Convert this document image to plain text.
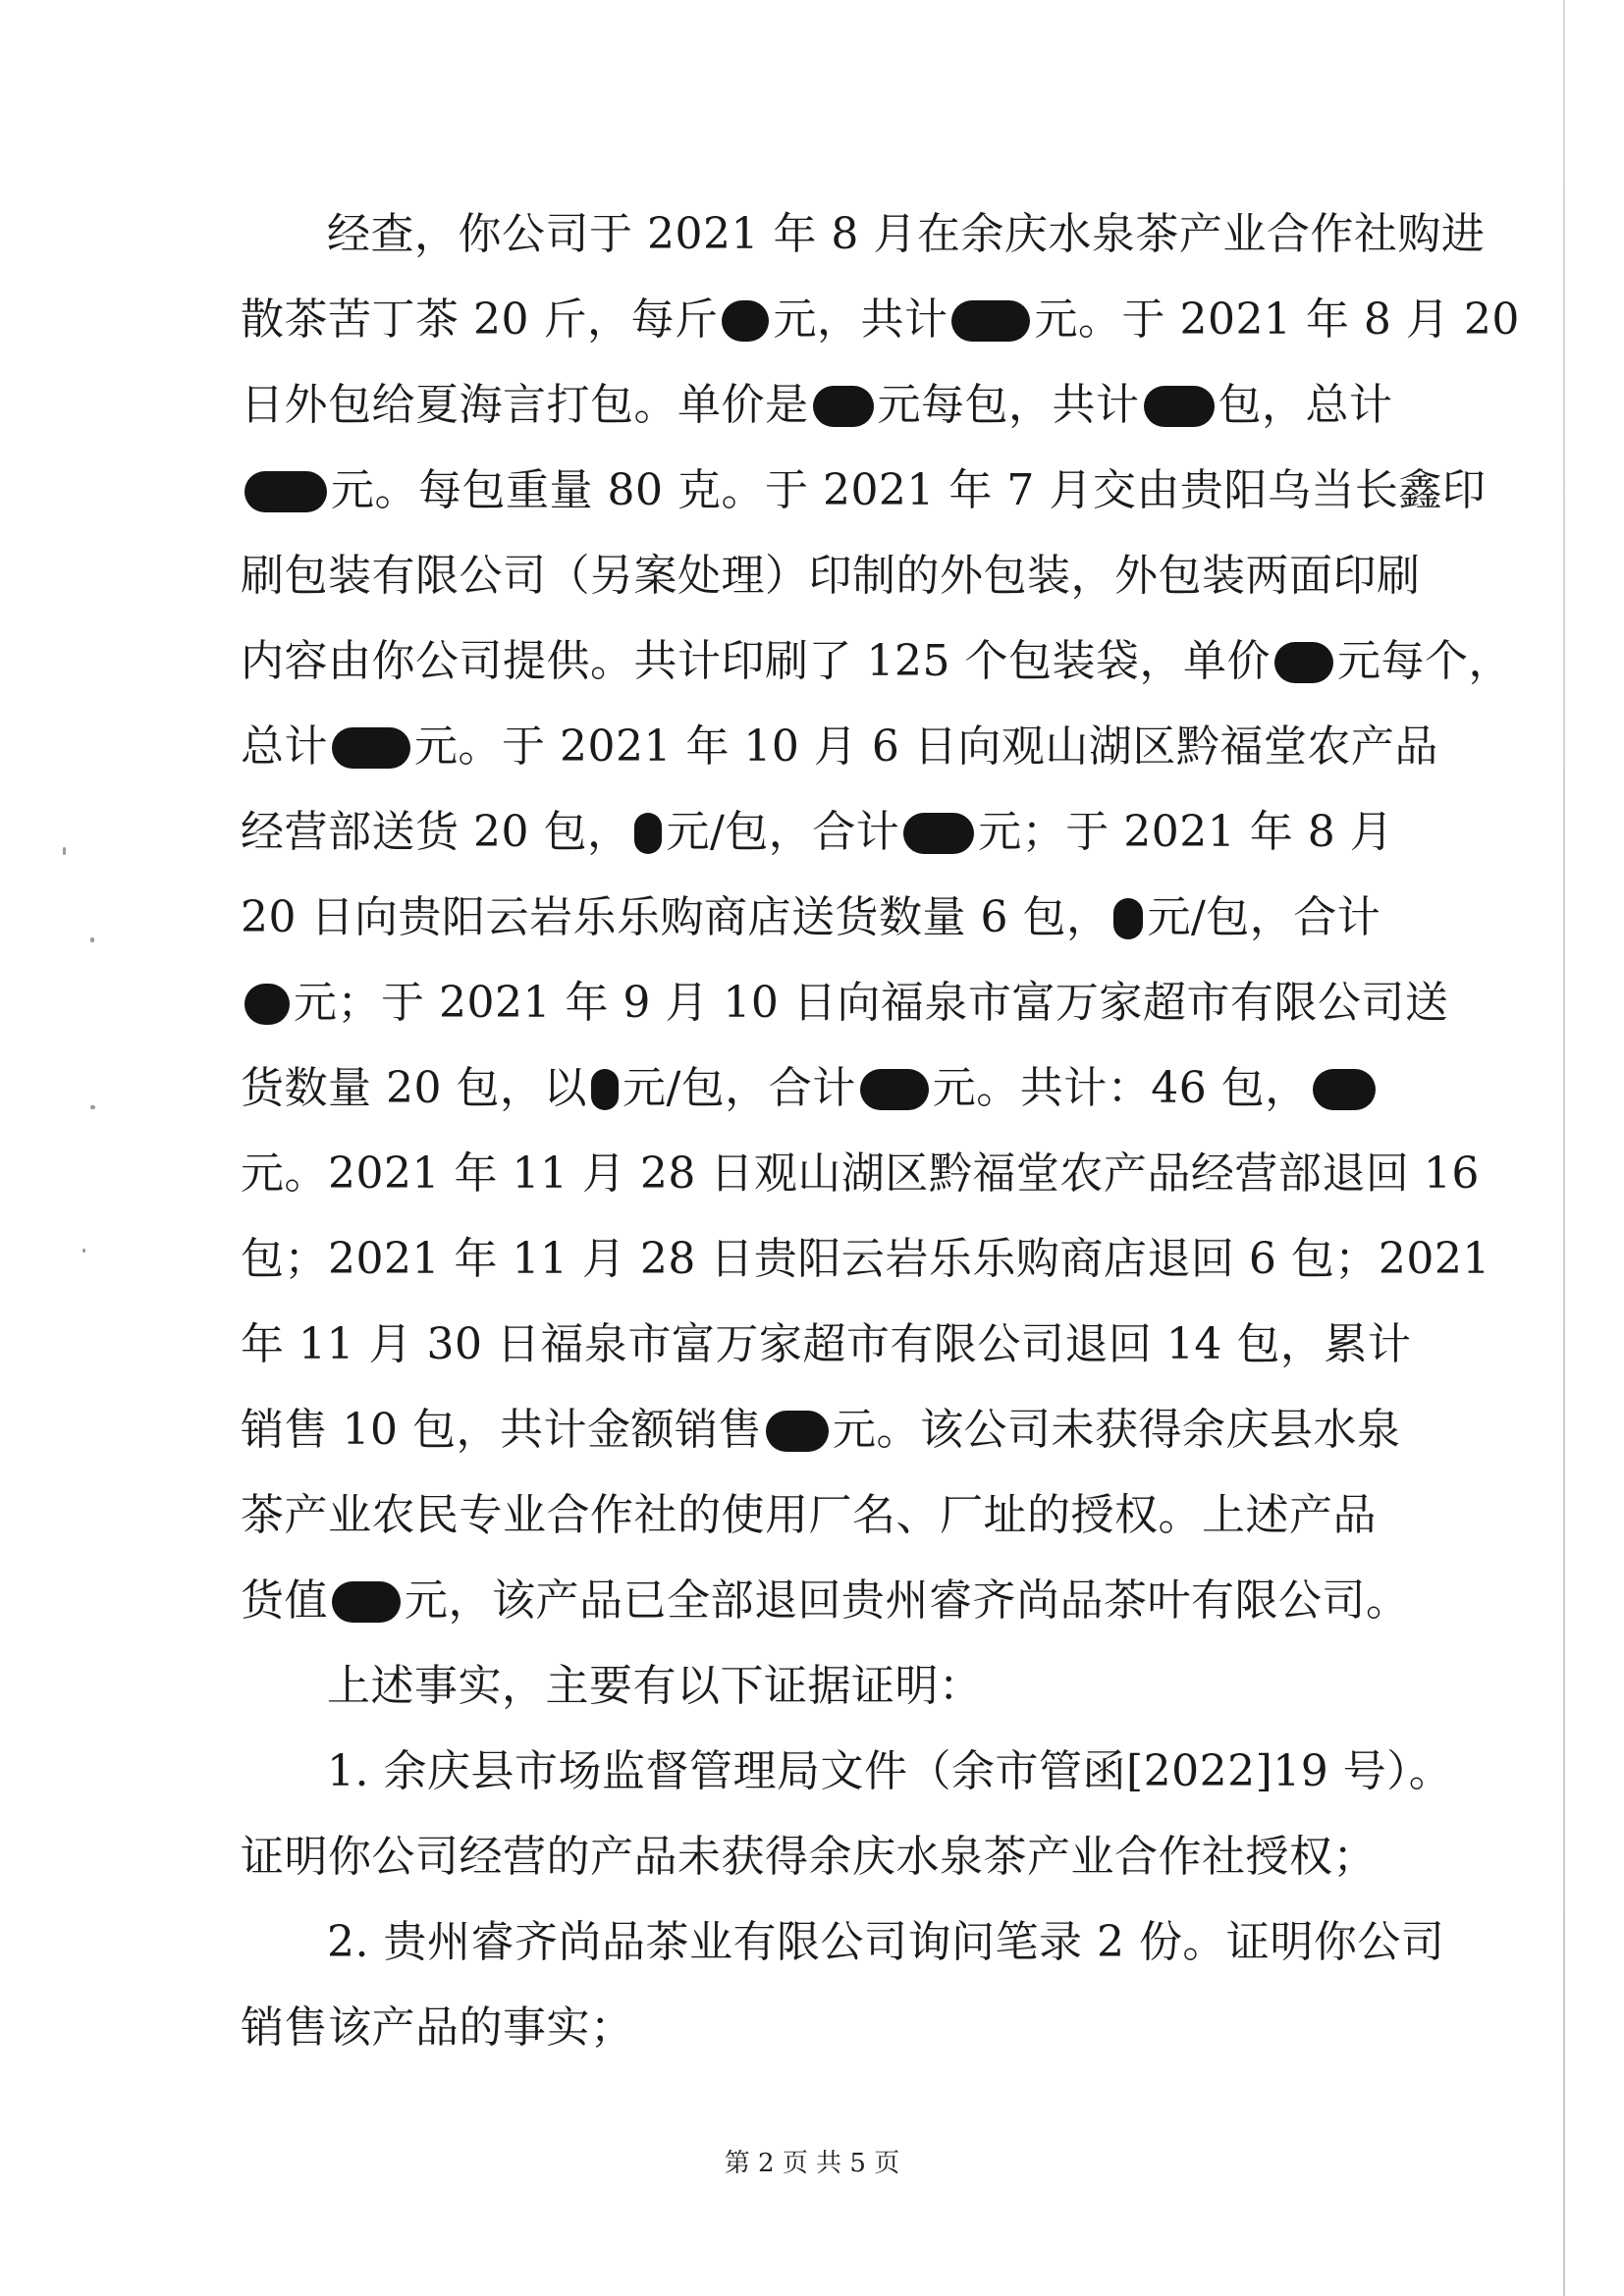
经查，你公司于 2021 年 8 月在余庆水泉茶产业合作社购进
散茶苦丁茶 20 斤，每斤 元，共计 元。于 2021 年 8 月 20
日外包给夏海言打包。单价是 元每包，共计 包，总计
元。每包重量 80 克。于 2021 年 7 月交由贵阳乌当长鑫印
刷包装有限公司（另案处理）印制的外包装，外包装两面印刷
内容由你公司提供。共计印刷了 125 个包装袋，单价 元每个，
总计 元。于 2021 年 10 月 6 日向观山湖区黔福堂农产品
经营部送货 20 包， 元/包，合计 元；于 2021 年 8 月
20 日向贵阳云岩乐乐购商店送货数量 6 包， 元/包，合计
元；于 2021 年 9 月 10 日向福泉市富万家超市有限公司送
货数量 20 包，以 元/包，合计 元。共计：46 包，
元。2021 年 11 月 28 日观山湖区黔福堂农产品经营部退回 16
包；2021 年 11 月 28 日贵阳云岩乐乐购商店退回 6 包；2021
年 11 月 30 日福泉市富万家超市有限公司退回 14 包，累计
销售 10 包，共计金额销售 元。该公司未获得余庆县水泉
茶产业农民专业合作社的使用厂名、厂址的授权。上述产品
货值 元，该产品已全部退回贵州睿齐尚品茶叶有限公司。
上述事实，主要有以下证据证明：
1. 余庆县市场监督管理局文件（余市管函[2022]19 号）。
证明你公司经营的产品未获得余庆水泉茶产业合作社授权；
2. 贵州睿齐尚品茶业有限公司询问笔录 2 份。证明你公司
销售该产品的事实；
第 2 页 共 5 页
